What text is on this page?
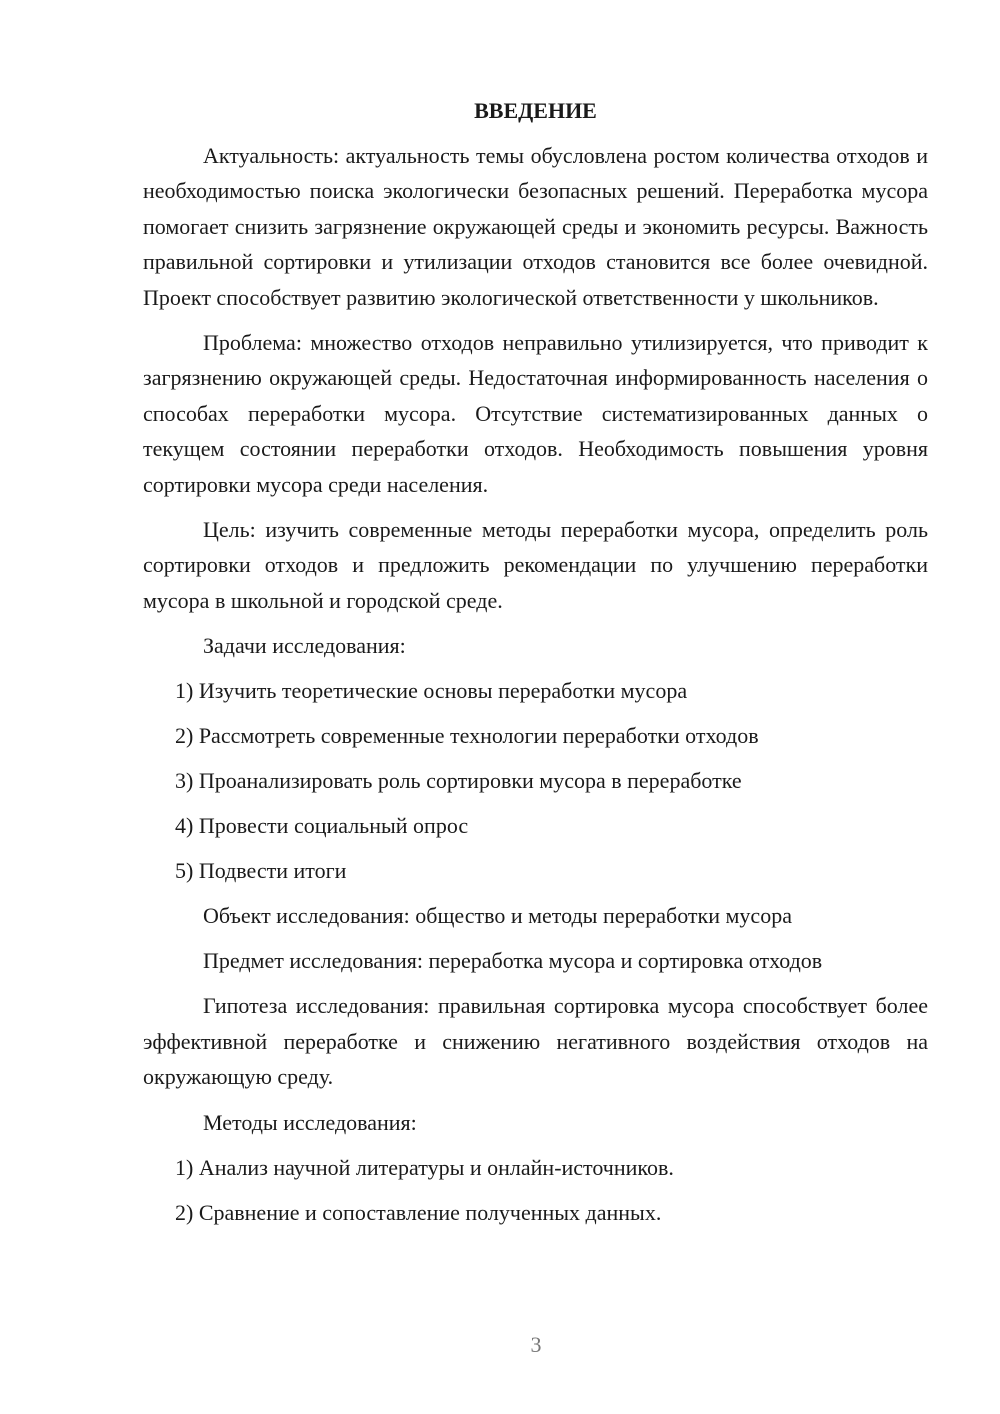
ВВЕДЕНИЕ

Актуальность: актуальность темы обусловлена ростом количества отходов и необходимостью поиска экологически безопасных решений. Переработка мусора помогает снизить загрязнение окружающей среды и экономить ресурсы. Важность правильной сортировки и утилизации отходов становится все более очевидной. Проект способствует развитию экологической ответственности у школьников.

Проблема: множество отходов неправильно утилизируется, что приводит к загрязнению окружающей среды. Недостаточная информированность населения о способах переработки мусора. Отсутствие систематизированных данных о текущем состоянии переработки отходов. Необходимость повышения уровня сортировки мусора среди населения.

Цель: изучить современные методы переработки мусора, определить роль сортировки отходов и предложить рекомендации по улучшению переработки мусора в школьной и городской среде.

Задачи исследования:

1) Изучить теоретические основы переработки мусора

2) Рассмотреть современные технологии переработки отходов

3) Проанализировать роль сортировки мусора в переработке

4) Провести социальный опрос

5) Подвести итоги

Объект исследования: общество и методы переработки мусора

Предмет исследования: переработка мусора и сортировка отходов

Гипотеза исследования: правильная сортировка мусора способствует более эффективной переработке и снижению негативного воздействия отходов на окружающую среду.

Методы исследования:

1) Анализ научной литературы и онлайн-источников.

2) Сравнение и сопоставление полученных данных.

3
